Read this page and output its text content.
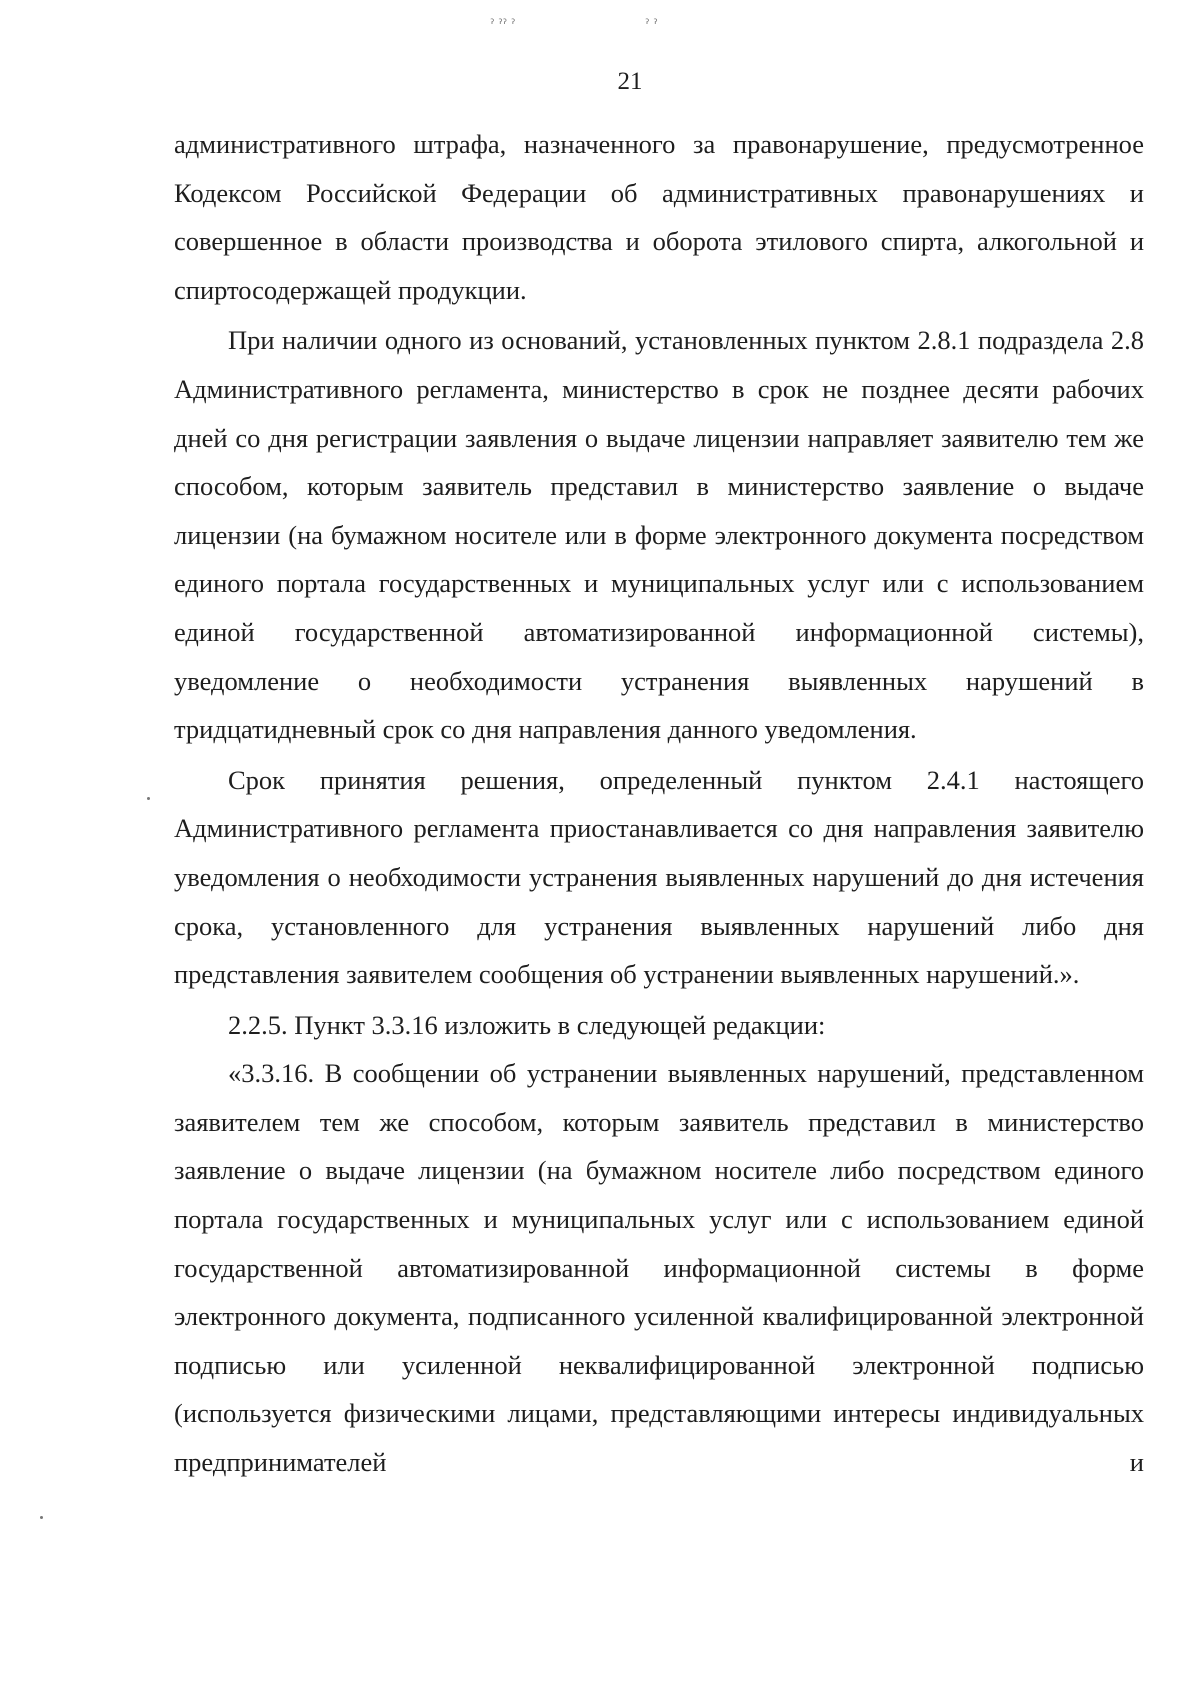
ˀ ˀˀ ˀ	ˀ ˀ
21

административного штрафа, назначенного за правонарушение, предусмотренное Кодексом Российской Федерации об административных правонарушениях и совершенное в области производства и оборота этилового спирта, алкогольной и спиртосодержащей продукции.

При наличии одного из оснований, установленных пунктом 2.8.1 подраздела 2.8 Административного регламента, министерство в срок не позднее десяти рабочих дней со дня регистрации заявления о выдаче лицензии направляет заявителю тем же способом, которым заявитель представил в министерство заявление о выдаче лицензии (на бумажном носителе или в форме электронного документа посредством единого портала государственных и муниципальных услуг или с использованием единой государственной автоматизированной информационной системы), уведомление о необходимости устранения выявленных нарушений в тридцатидневный срок со дня направления данного уведомления.

Срок принятия решения, определенный пунктом 2.4.1 настоящего Административного регламента приостанавливается со дня направления заявителю уведомления о необходимости устранения выявленных нарушений до дня истечения срока, установленного для устранения выявленных нарушений либо дня представления заявителем сообщения об устранении выявленных нарушений.».

2.2.5. Пункт 3.3.16 изложить в следующей редакции:

«3.3.16. В сообщении об устранении выявленных нарушений, представленном заявителем тем же способом, которым заявитель представил в министерство заявление о выдаче лицензии (на бумажном носителе либо посредством единого портала государственных и муниципальных услуг или с использованием единой государственной автоматизированной информационной системы в форме электронного документа, подписанного усиленной квалифицированной электронной подписью или усиленной неквалифицированной электронной подписью (используется физическими лицами, представляющими интересы индивидуальных предпринимателей и
